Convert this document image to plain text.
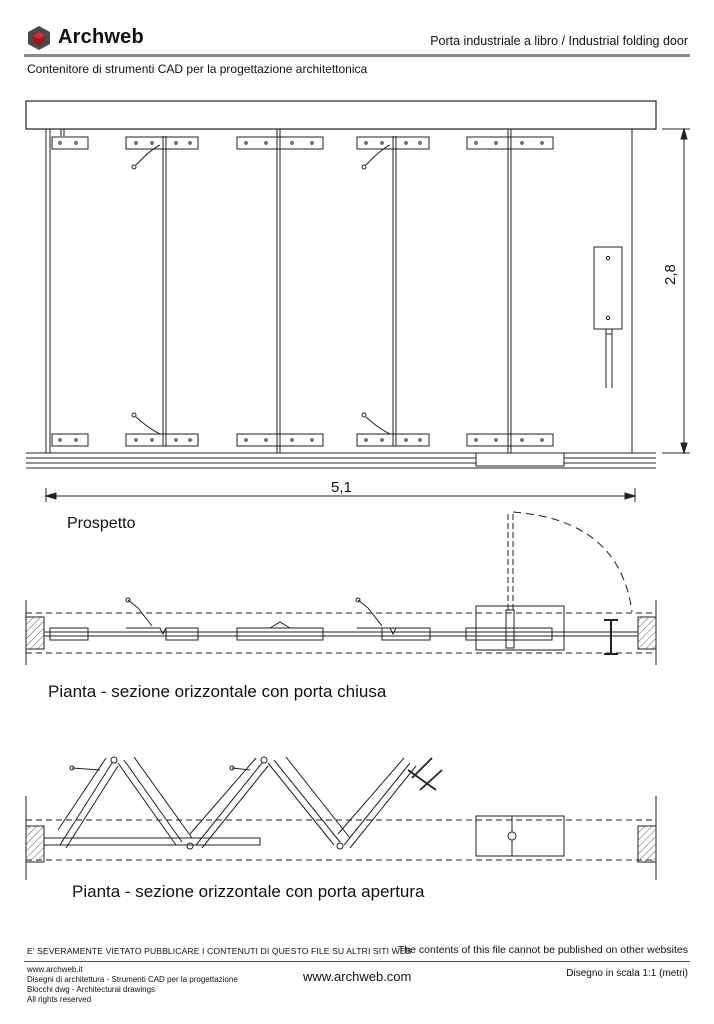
Archweb	Porta industriale a libro / Industrial folding door
Contenitore di strumenti CAD per la progettazione architettonica
2,8
5,1
Prospetto
Pianta - sezione orizzontale con porta chiusa
Pianta - sezione orizzontale con porta apertura
E' SEVERAMENTE VIETATO PUBBLICARE I CONTENUTI DI QUESTO FILE SU ALTRI SITI WEB
The contents of this file cannot be published on other websites
www.archweb.it
Disegni di architettura - Strumenti CAD per la progettazione
Blocchi dwg - Architectural drawings
All rights reserved
www.archweb.com	Disegno in scala 1:1 (metri)
